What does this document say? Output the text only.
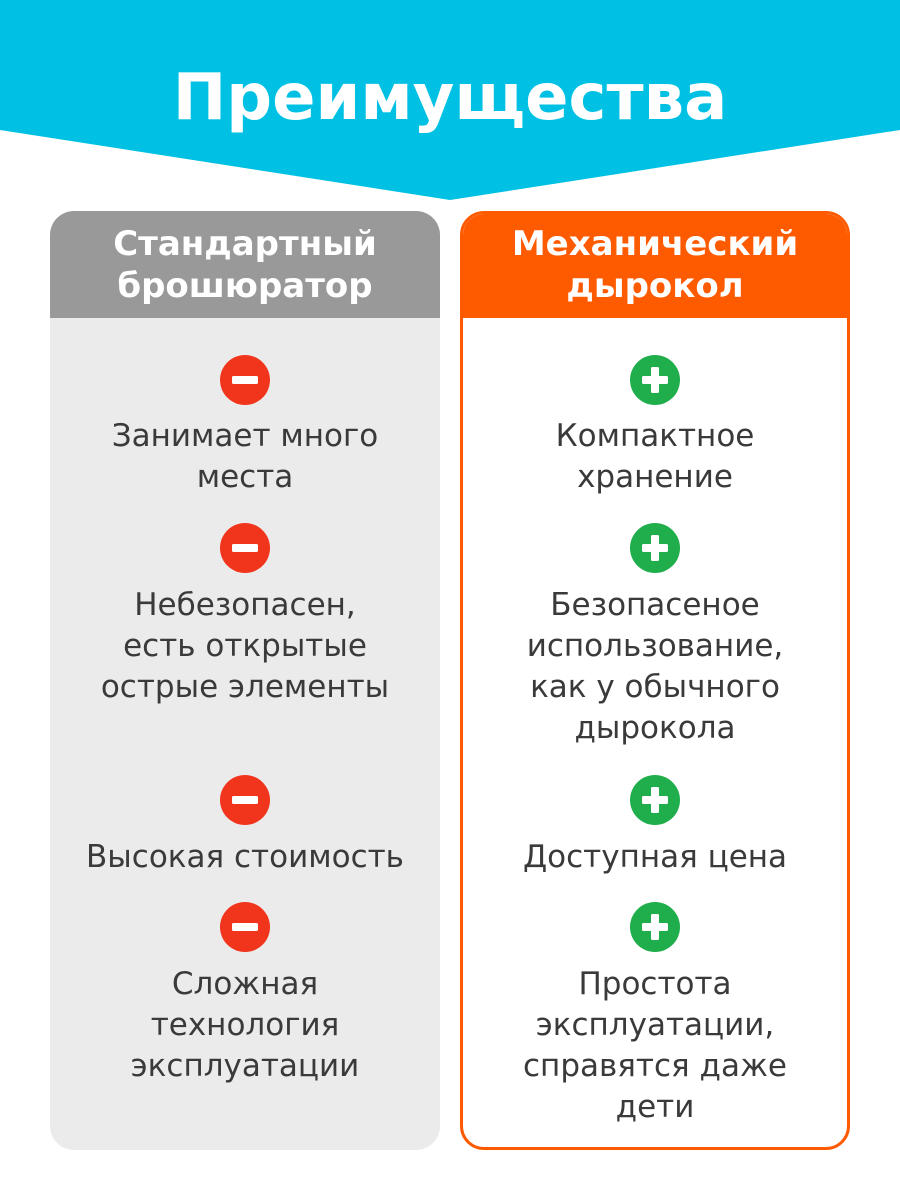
Преимущества
Стандартный
брошюратор
Занимает много
места
Небезопасен,
есть открытые
острые элементы
Высокая стоимость
Сложная
технология
эксплуатации
Механический
дырокол
Компактное
хранение
Безопасеное
использование,
как у обычного
дырокола
Доступная цена
Простота
эксплуатации,
справятся даже
дети
